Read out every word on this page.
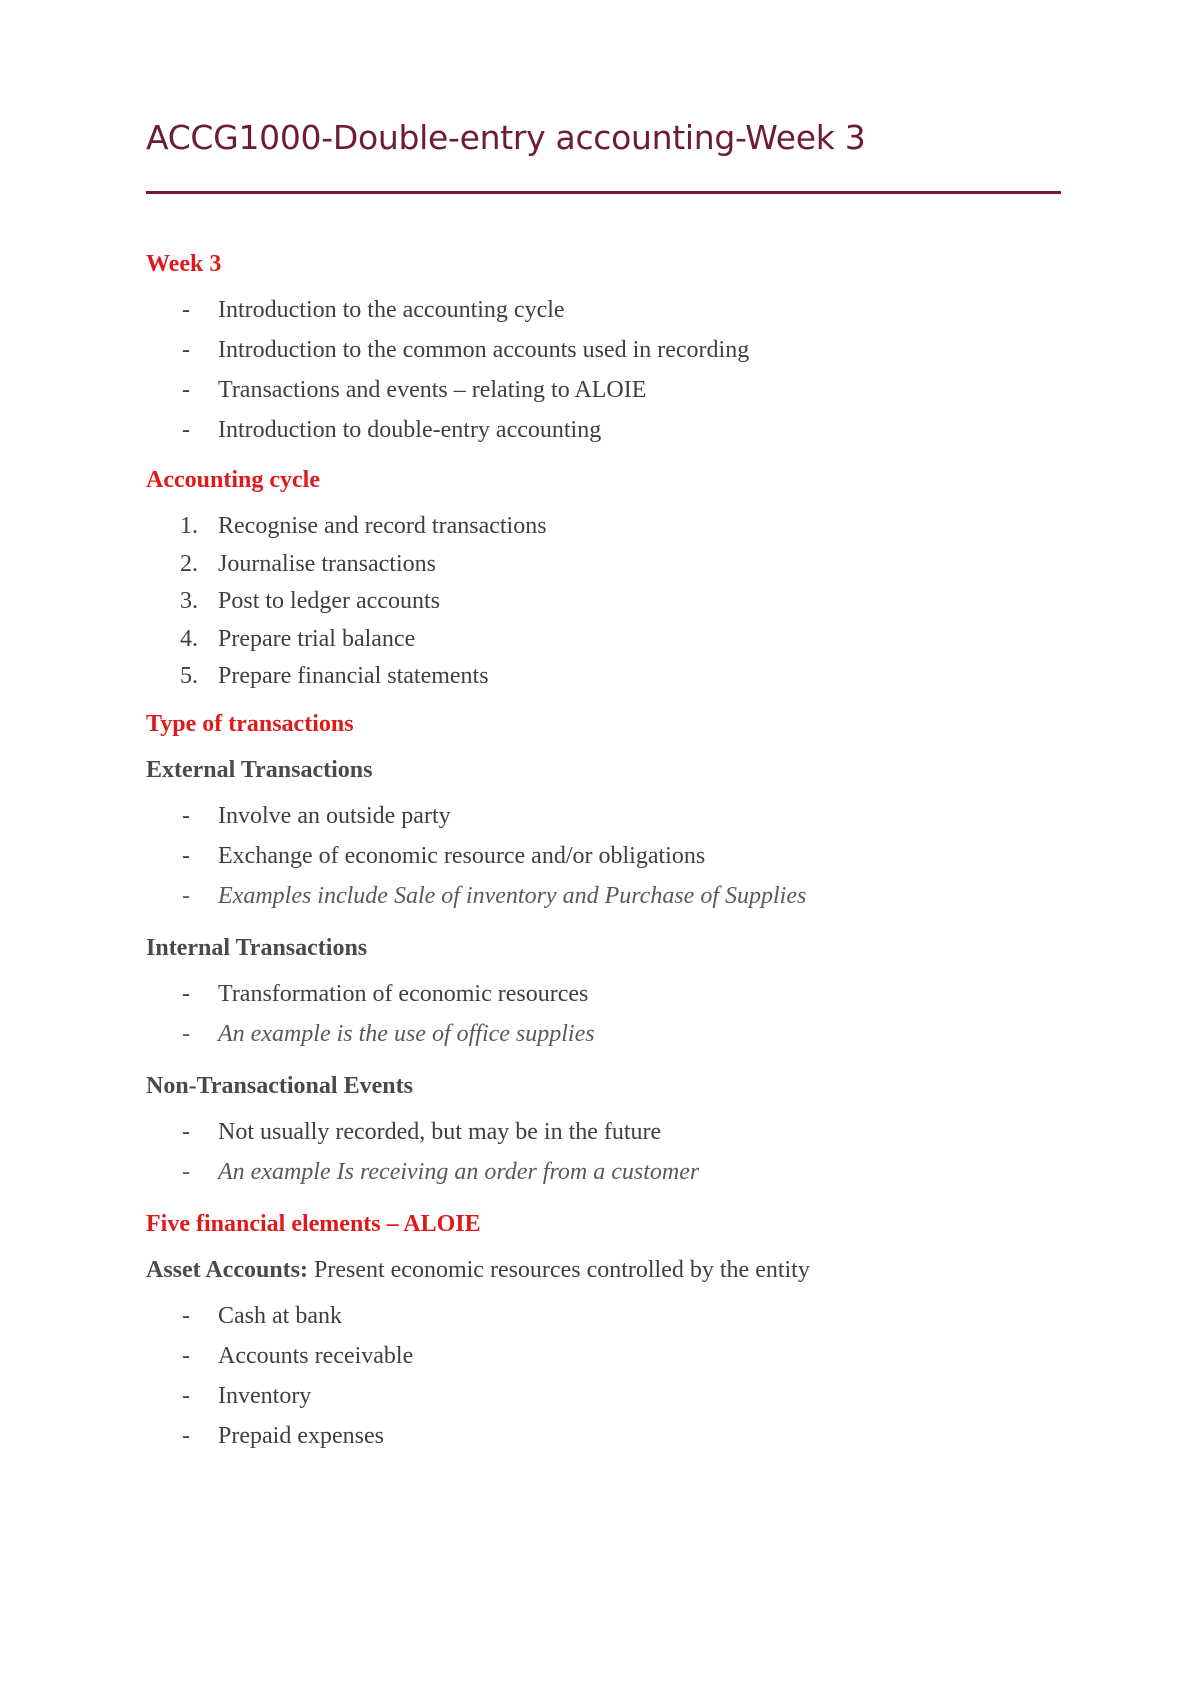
ACCG1000-Double-entry accounting-Week 3

Week 3

-	Introduction to the accounting cycle
-	Introduction to the common accounts used in recording
-	Transactions and events – relating to ALOIE
-	Introduction to double-entry accounting

Accounting cycle

1. Recognise and record transactions
2. Journalise transactions
3. Post to ledger accounts
4. Prepare trial balance
5. Prepare financial statements

Type of transactions

External Transactions

-	Involve an outside party
-	Exchange of economic resource and/or obligations
-	Examples include Sale of inventory and Purchase of Supplies

Internal Transactions

-	Transformation of economic resources
-	An example is the use of office supplies

Non-Transactional Events

-	Not usually recorded, but may be in the future
-	An example Is receiving an order from a customer

Five financial elements – ALOIE

Asset Accounts: Present economic resources controlled by the entity

-	Cash at bank
-	Accounts receivable
-	Inventory
-	Prepaid expenses
